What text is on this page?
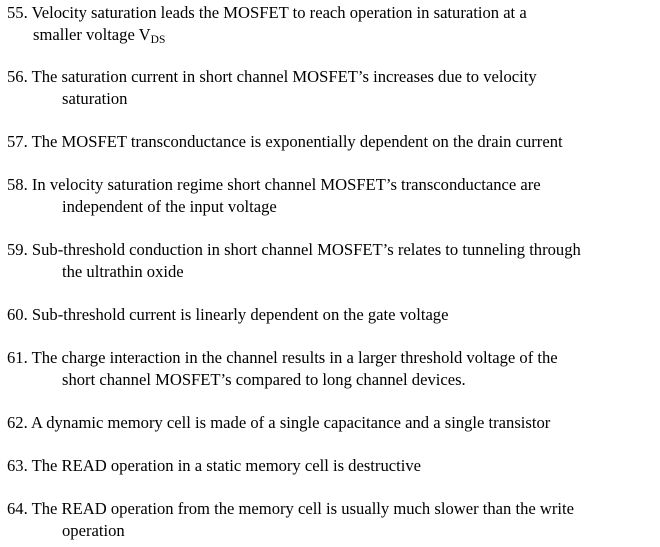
55. Velocity saturation leads the MOSFET to reach operation in saturation at a
smaller voltage $V_{DS}$
56. The saturation current in short channel MOSFET’s increases due to velocity
saturation
57. The MOSFET transconductance is exponentially dependent on the drain current
58. In velocity saturation regime short channel MOSFET’s transconductance are
independent of the input voltage
59. Sub-threshold conduction in short channel MOSFET’s relates to tunneling through
the ultrathin oxide
60. Sub-threshold current is linearly dependent on the gate voltage
61. The charge interaction in the channel results in a larger threshold voltage of the
short channel MOSFET’s compared to long channel devices.
62. A dynamic memory cell is made of a single capacitance and a single transistor
63. The READ operation in a static memory cell is destructive
64. The READ operation from the memory cell is usually much slower than the write
operation
